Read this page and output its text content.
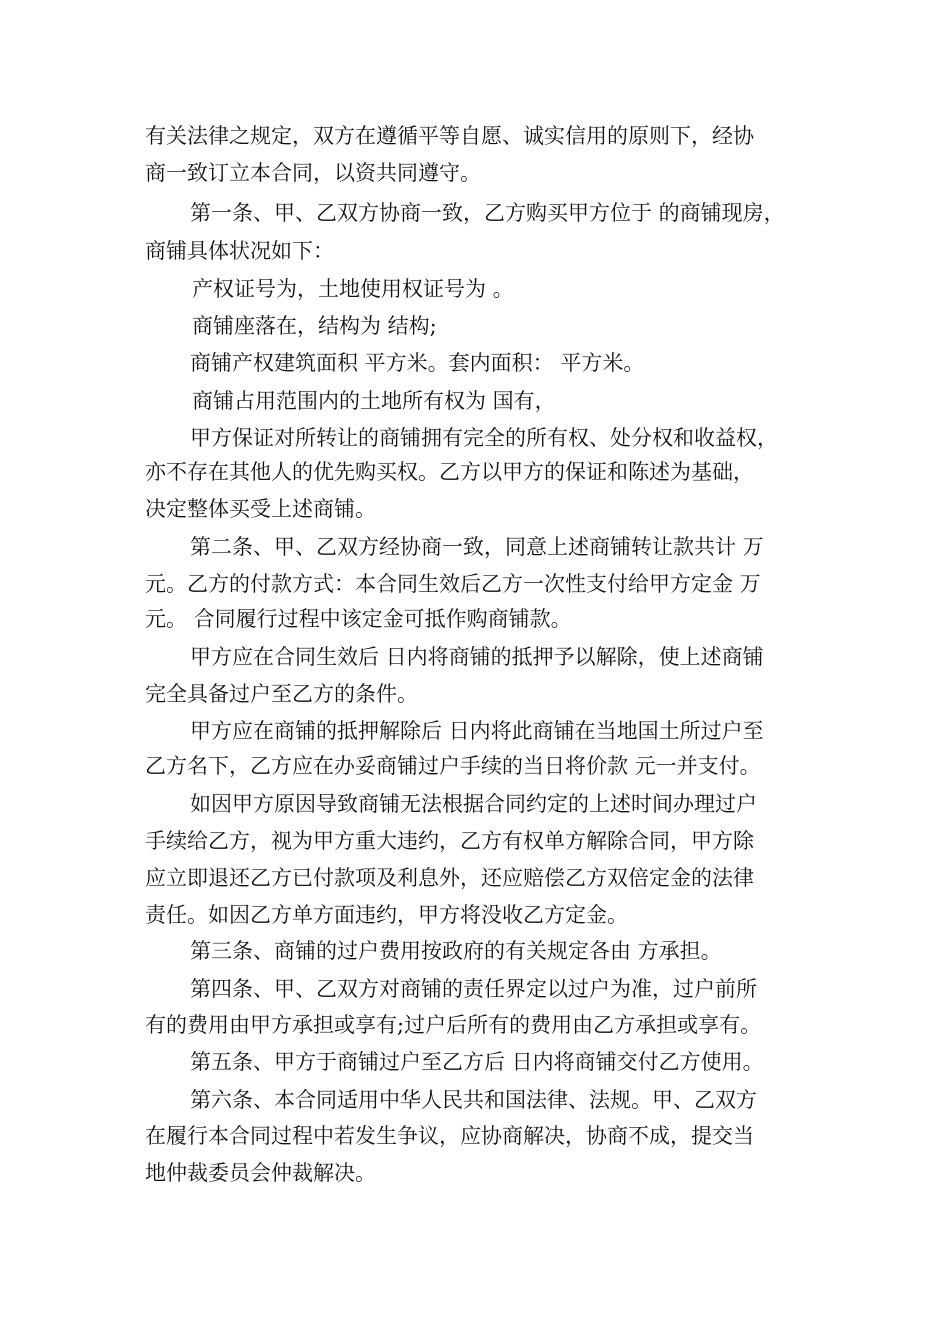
有关法律之规定，双方在遵循平等自愿、诚实信用的原则下，经协
商一致订立本合同，以资共同遵守。
第一条、甲、乙双方协商一致，乙方购买甲方位于 的商铺现房，
商铺具体状况如下：
产权证号为，土地使用权证号为 。
商铺座落在，结构为 结构;
商铺产权建筑面积 平方米。套内面积： 平方米。
商铺占用范围内的土地所有权为 国有，
甲方保证对所转让的商铺拥有完全的所有权、处分权和收益权，
亦不存在其他人的优先购买权。乙方以甲方的保证和陈述为基础，
决定整体买受上述商铺。
第二条、甲、乙双方经协商一致，同意上述商铺转让款共计 万
元。乙方的付款方式：本合同生效后乙方一次性支付给甲方定金 万
元。 合同履行过程中该定金可抵作购商铺款。
甲方应在合同生效后 日内将商铺的抵押予以解除，使上述商铺
完全具备过户至乙方的条件。
甲方应在商铺的抵押解除后 日内将此商铺在当地国土所过户至
乙方名下，乙方应在办妥商铺过户手续的当日将价款 元一并支付。
如因甲方原因导致商铺无法根据合同约定的上述时间办理过户
手续给乙方，视为甲方重大违约，乙方有权单方解除合同，甲方除
应立即退还乙方已付款项及利息外，还应赔偿乙方双倍定金的法律
责任。如因乙方单方面违约，甲方将没收乙方定金。
第三条、商铺的过户费用按政府的有关规定各由 方承担。
第四条、甲、乙双方对商铺的责任界定以过户为准，过户前所
有的费用由甲方承担或享有;过户后所有的费用由乙方承担或享有。
第五条、甲方于商铺过户至乙方后 日内将商铺交付乙方使用。
第六条、本合同适用中华人民共和国法律、法规。甲、乙双方
在履行本合同过程中若发生争议，应协商解决，协商不成，提交当
地仲裁委员会仲裁解决。
